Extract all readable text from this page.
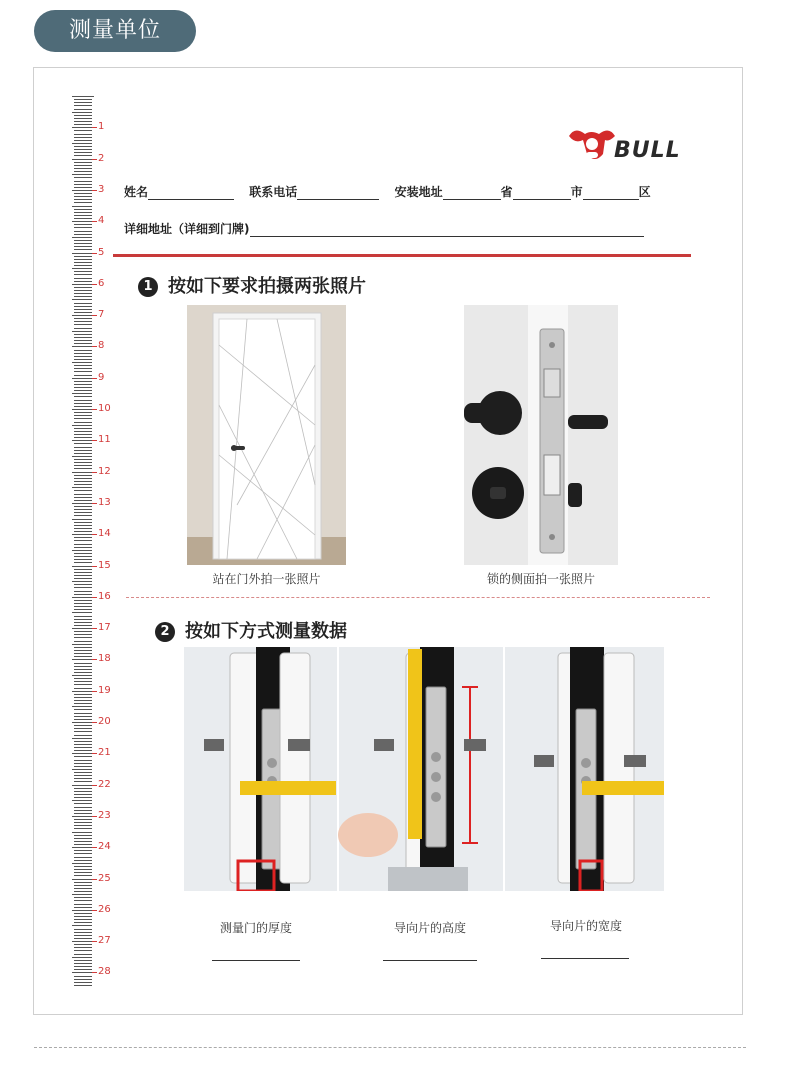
测量单位
1
2
3
4
5
6
7
8
9
10
11
12
13
14
15
16
17
18
19
20
21
22
23
24
25
26
27
28
BULL
姓名	联系电话	安装地址	省	市	区
详细地址（详细到门牌)
1 按如下要求拍摄两张照片
站在门外拍一张照片	锁的侧面拍一张照片
2 按如下方式测量数据
测量门的厚度	导向片的高度	导向片的宽度
